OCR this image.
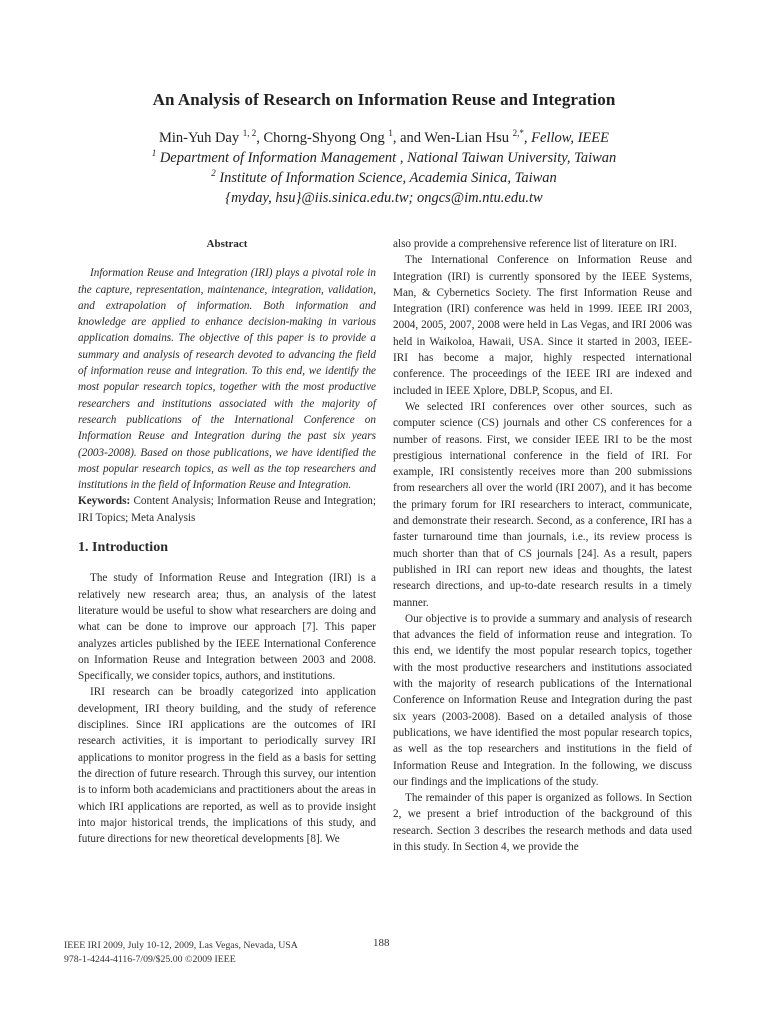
An Analysis of Research on Information Reuse and Integration
Min-Yuh Day $^{1, 2}$, Chorng-Shyong Ong $^1$, and Wen-Lian Hsu $^{2,*}$, Fellow, IEEE
$^1$ Department of Information Management , National Taiwan University, Taiwan
$^2$ Institute of Information Science, Academia Sinica, Taiwan
{myday, hsu}@iis.sinica.edu.tw; ongcs@im.ntu.edu.tw
Abstract

Information Reuse and Integration (IRI) plays a pivotal role in the capture, representation, maintenance, integration, validation, and extrapolation of information. Both information and knowledge are applied to enhance decision-making in various application domains. The objective of this paper is to provide a summary and analysis of research devoted to advancing the field of information reuse and integration. To this end, we identify the most popular research topics, together with the most productive researchers and institutions associated with the majority of research publications of the International Conference on Information Reuse and Integration during the past six years (2003-2008). Based on those publications, we have identified the most popular research topics, as well as the top researchers and institutions in the field of Information Reuse and Integration.

Keywords: Content Analysis; Information Reuse and Integration; IRI Topics; Meta Analysis

1. Introduction

The study of Information Reuse and Integration (IRI) is a relatively new research area; thus, an analysis of the latest literature would be useful to show what researchers are doing and what can be done to improve our approach [7]. This paper analyzes articles published by the IEEE International Conference on Information Reuse and Integration between 2003 and 2008. Specifically, we consider topics, authors, and institutions.

IRI research can be broadly categorized into application development, IRI theory building, and the study of reference disciplines. Since IRI applications are the outcomes of IRI research activities, it is important to periodically survey IRI applications to monitor progress in the field as a basis for setting the direction of future research. Through this survey, our intention is to inform both academicians and practitioners about the areas in which IRI applications are reported, as well as to provide insight into major historical trends, the implications of this study, and future directions for new theoretical developments [8]. We

also provide a comprehensive reference list of literature on IRI.

The International Conference on Information Reuse and Integration (IRI) is currently sponsored by the IEEE Systems, Man, & Cybernetics Society. The first Information Reuse and Integration (IRI) conference was held in 1999. IEEE IRI 2003, 2004, 2005, 2007, 2008 were held in Las Vegas, and IRI 2006 was held in Waikoloa, Hawaii, USA. Since it started in 2003, IEEE-IRI has become a major, highly respected international conference. The proceedings of the IEEE IRI are indexed and included in IEEE Xplore, DBLP, Scopus, and EI.

We selected IRI conferences over other sources, such as computer science (CS) journals and other CS conferences for a number of reasons. First, we consider IEEE IRI to be the most prestigious international conference in the field of IRI. For example, IRI consistently receives more than 200 submissions from researchers all over the world (IRI 2007), and it has become the primary forum for IRI researchers to interact, communicate, and demonstrate their research. Second, as a conference, IRI has a faster turnaround time than journals, i.e., its review process is much shorter than that of CS journals [24]. As a result, papers published in IRI can report new ideas and thoughts, the latest research directions, and up-to-date research results in a timely manner.

Our objective is to provide a summary and analysis of research that advances the field of information reuse and integration. To this end, we identify the most popular research topics, together with the most productive researchers and institutions associated with the majority of research publications of the International Conference on Information Reuse and Integration during the past six years (2003-2008). Based on a detailed analysis of those publications, we have identified the most popular research topics, as well as the top researchers and institutions in the field of Information Reuse and Integration. In the following, we discuss our findings and the implications of the study.

The remainder of this paper is organized as follows. In Section 2, we present a brief introduction of the background of this research. Section 3 describes the research methods and data used in this study. In Section 4, we provide the

IEEE IRI 2009, July 10-12, 2009, Las Vegas, Nevada, USA
978-1-4244-4116-7/09/$25.00 ©2009 IEEE
188
